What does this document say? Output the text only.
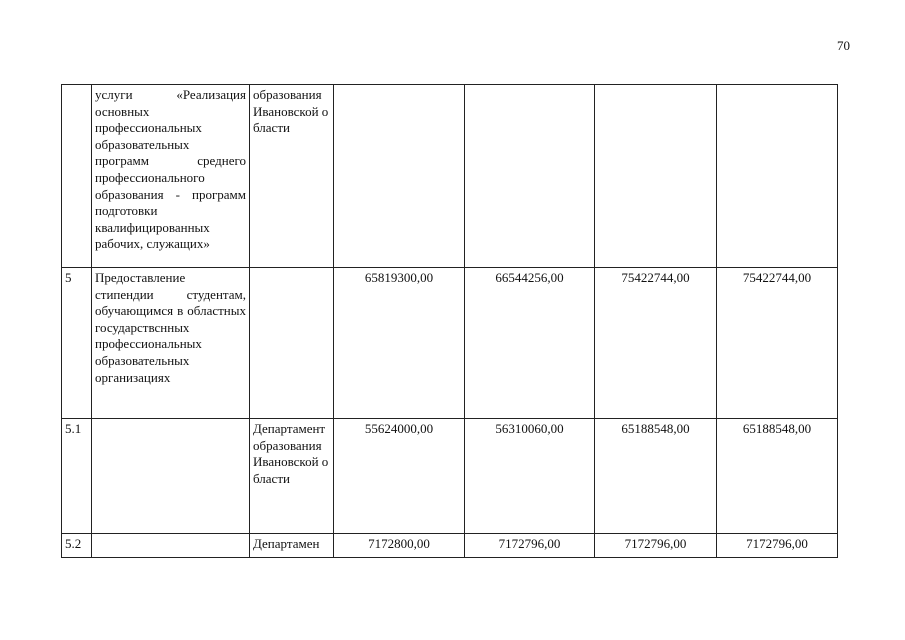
70
	услуги «Реализация основных профессиональных образовательных программ среднего профессионального образования - программ подготовки квалифицированных рабочих, служащих»	образования Ивановской области				
5	Предоставление стипендии студентам, обучающимся в областных государствснных профессиональных образовательных организациях		65819300,00	66544256,00	75422744,00	75422744,00
5.1		Департамент образования Ивановской области	55624000,00	56310060,00	65188548,00	65188548,00
5.2		Департамен	7172800,00	7172796,00	7172796,00	7172796,00
